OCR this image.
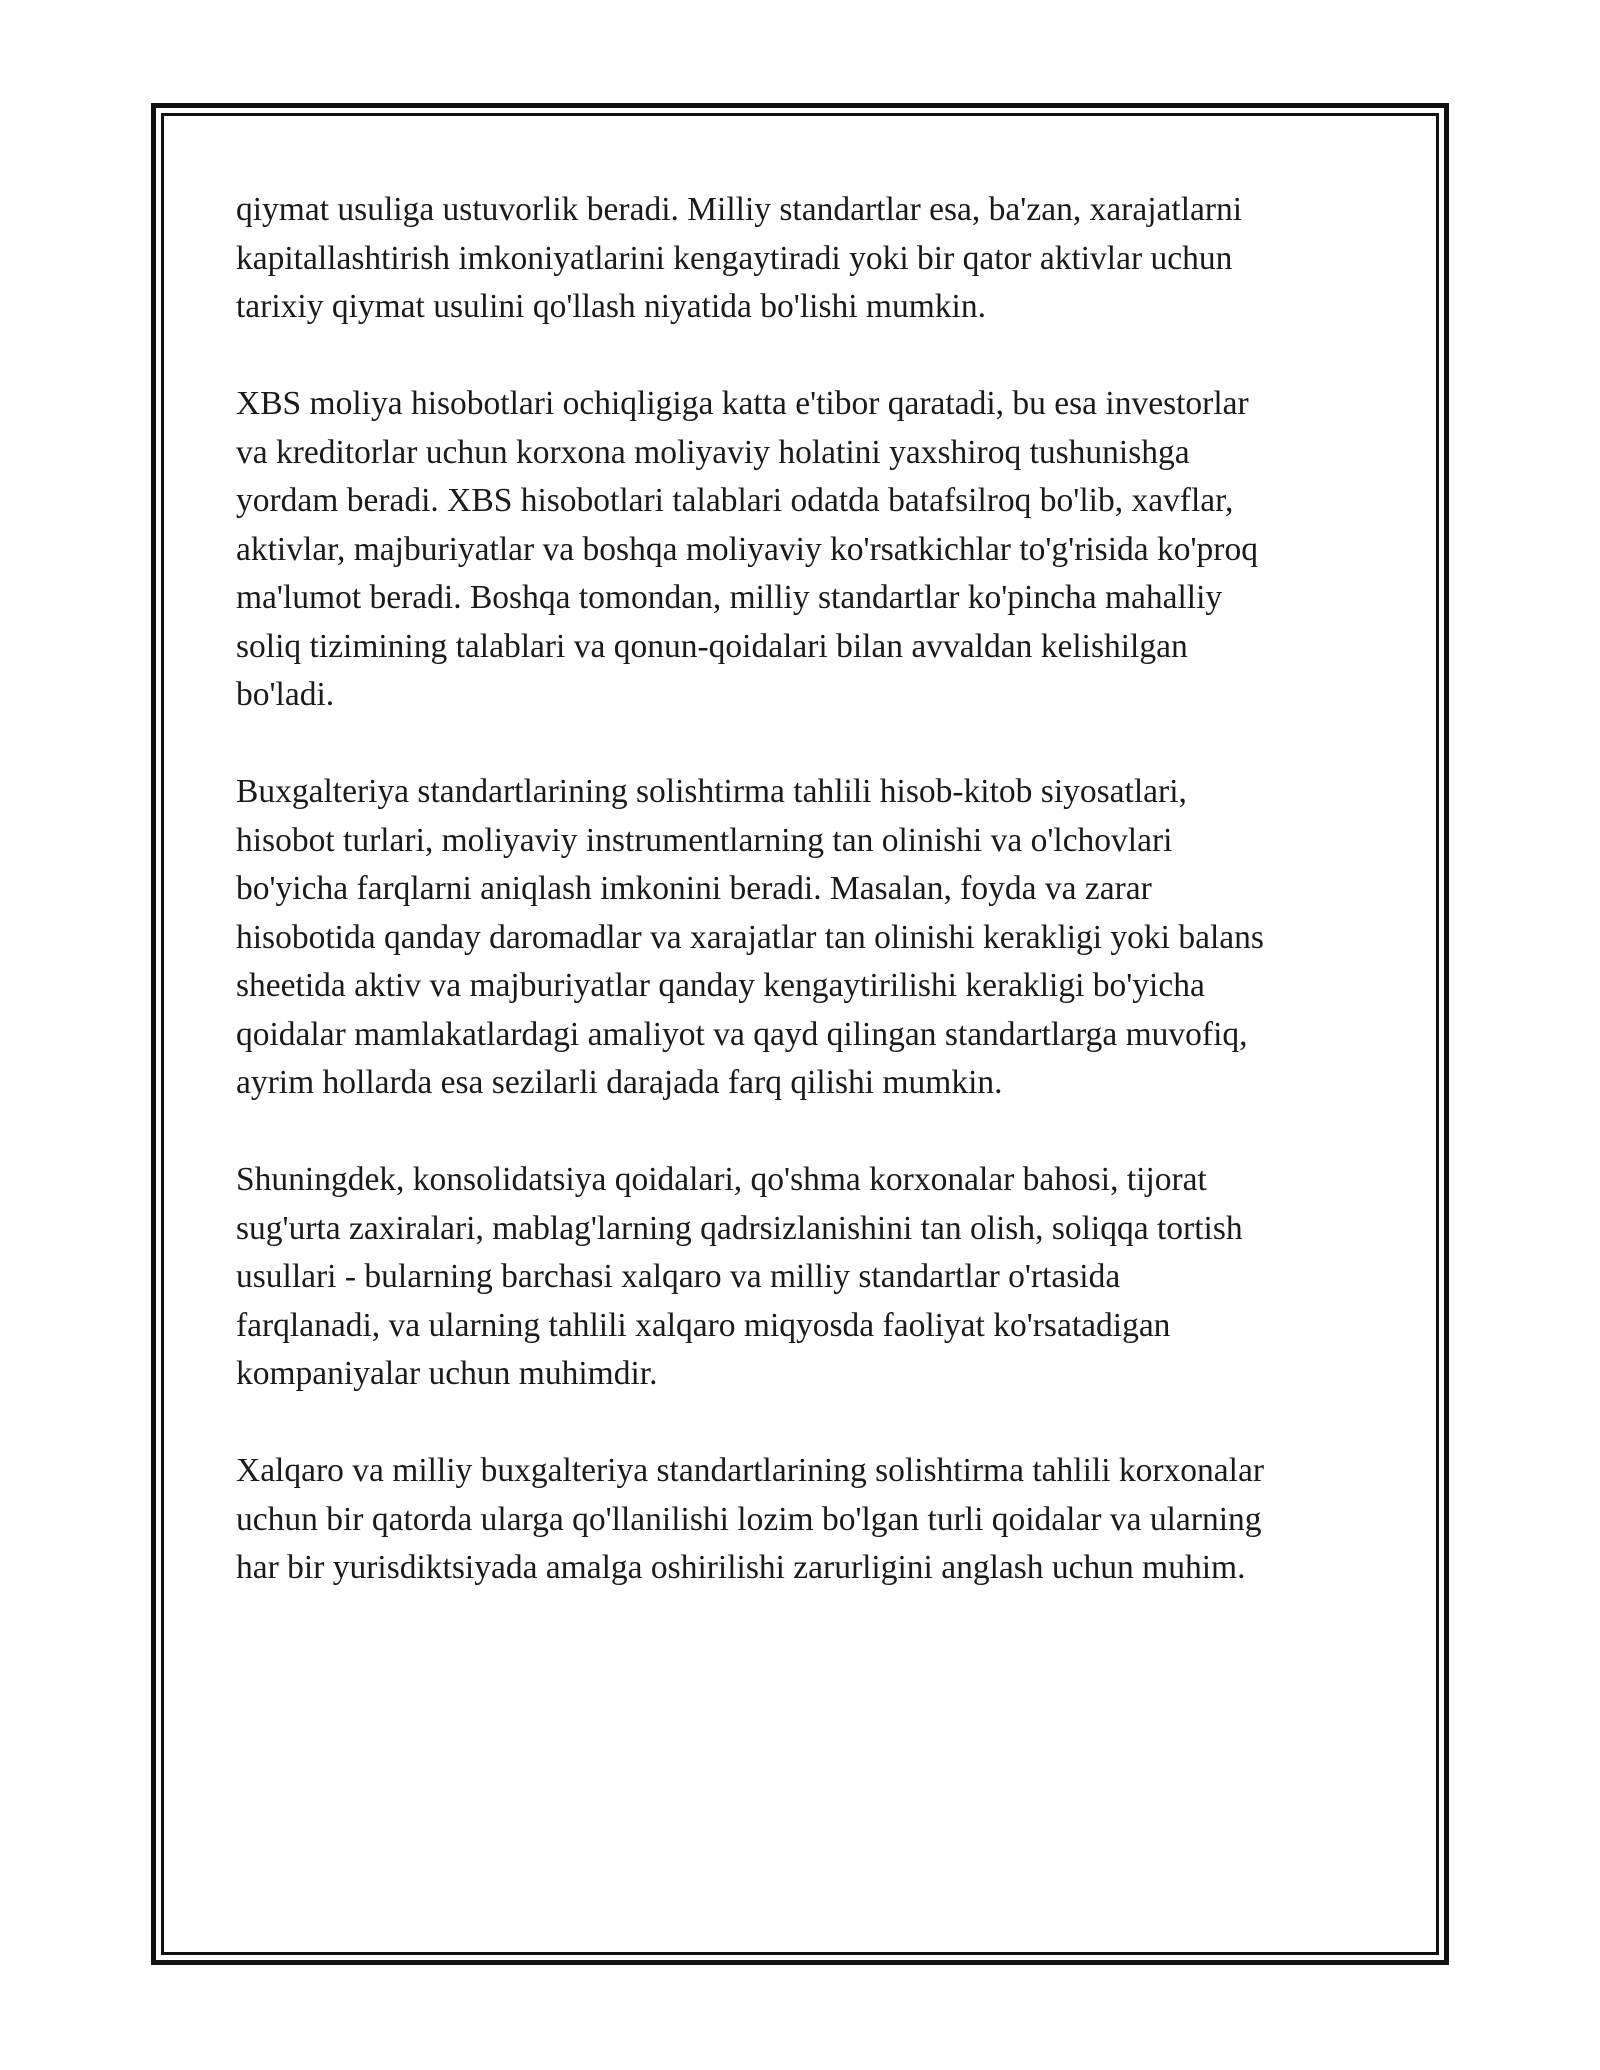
qiymat usuliga ustuvorlik beradi. Milliy standartlar esa, ba'zan, xarajatlarni
kapitallashtirish imkoniyatlarini kengaytiradi yoki bir qator aktivlar uchun
tarixiy qiymat usulini qo'llash niyatida bo'lishi mumkin.

XBS moliya hisobotlari ochiqligiga katta e'tibor qaratadi, bu esa investorlar
va kreditorlar uchun korxona moliyaviy holatini yaxshiroq tushunishga
yordam beradi. XBS hisobotlari talablari odatda batafsilroq bo'lib, xavflar,
aktivlar, majburiyatlar va boshqa moliyaviy ko'rsatkichlar to'g'risida ko'proq
ma'lumot beradi. Boshqa tomondan, milliy standartlar ko'pincha mahalliy
soliq tizimining talablari va qonun-qoidalari bilan avvaldan kelishilgan
bo'ladi.

Buxgalteriya standartlarining solishtirma tahlili hisob-kitob siyosatlari,
hisobot turlari, moliyaviy instrumentlarning tan olinishi va o'lchovlari
bo'yicha farqlarni aniqlash imkonini beradi. Masalan, foyda va zarar
hisobotida qanday daromadlar va xarajatlar tan olinishi kerakligi yoki balans
sheetida aktiv va majburiyatlar qanday kengaytirilishi kerakligi bo'yicha
qoidalar mamlakatlardagi amaliyot va qayd qilingan standartlarga muvofiq,
ayrim hollarda esa sezilarli darajada farq qilishi mumkin.

Shuningdek, konsolidatsiya qoidalari, qo'shma korxonalar bahosi, tijorat
sug'urta zaxiralari, mablag'larning qadrsizlanishini tan olish, soliqqa tortish
usullari - bularning barchasi xalqaro va milliy standartlar o'rtasida
farqlanadi, va ularning tahlili xalqaro miqyosda faoliyat ko'rsatadigan
kompaniyalar uchun muhimdir.

Xalqaro va milliy buxgalteriya standartlarining solishtirma tahlili korxonalar
uchun bir qatorda ularga qo'llanilishi lozim bo'lgan turli qoidalar va ularning
har bir yurisdiktsiyada amalga oshirilishi zarurligini anglash uchun muhim.
